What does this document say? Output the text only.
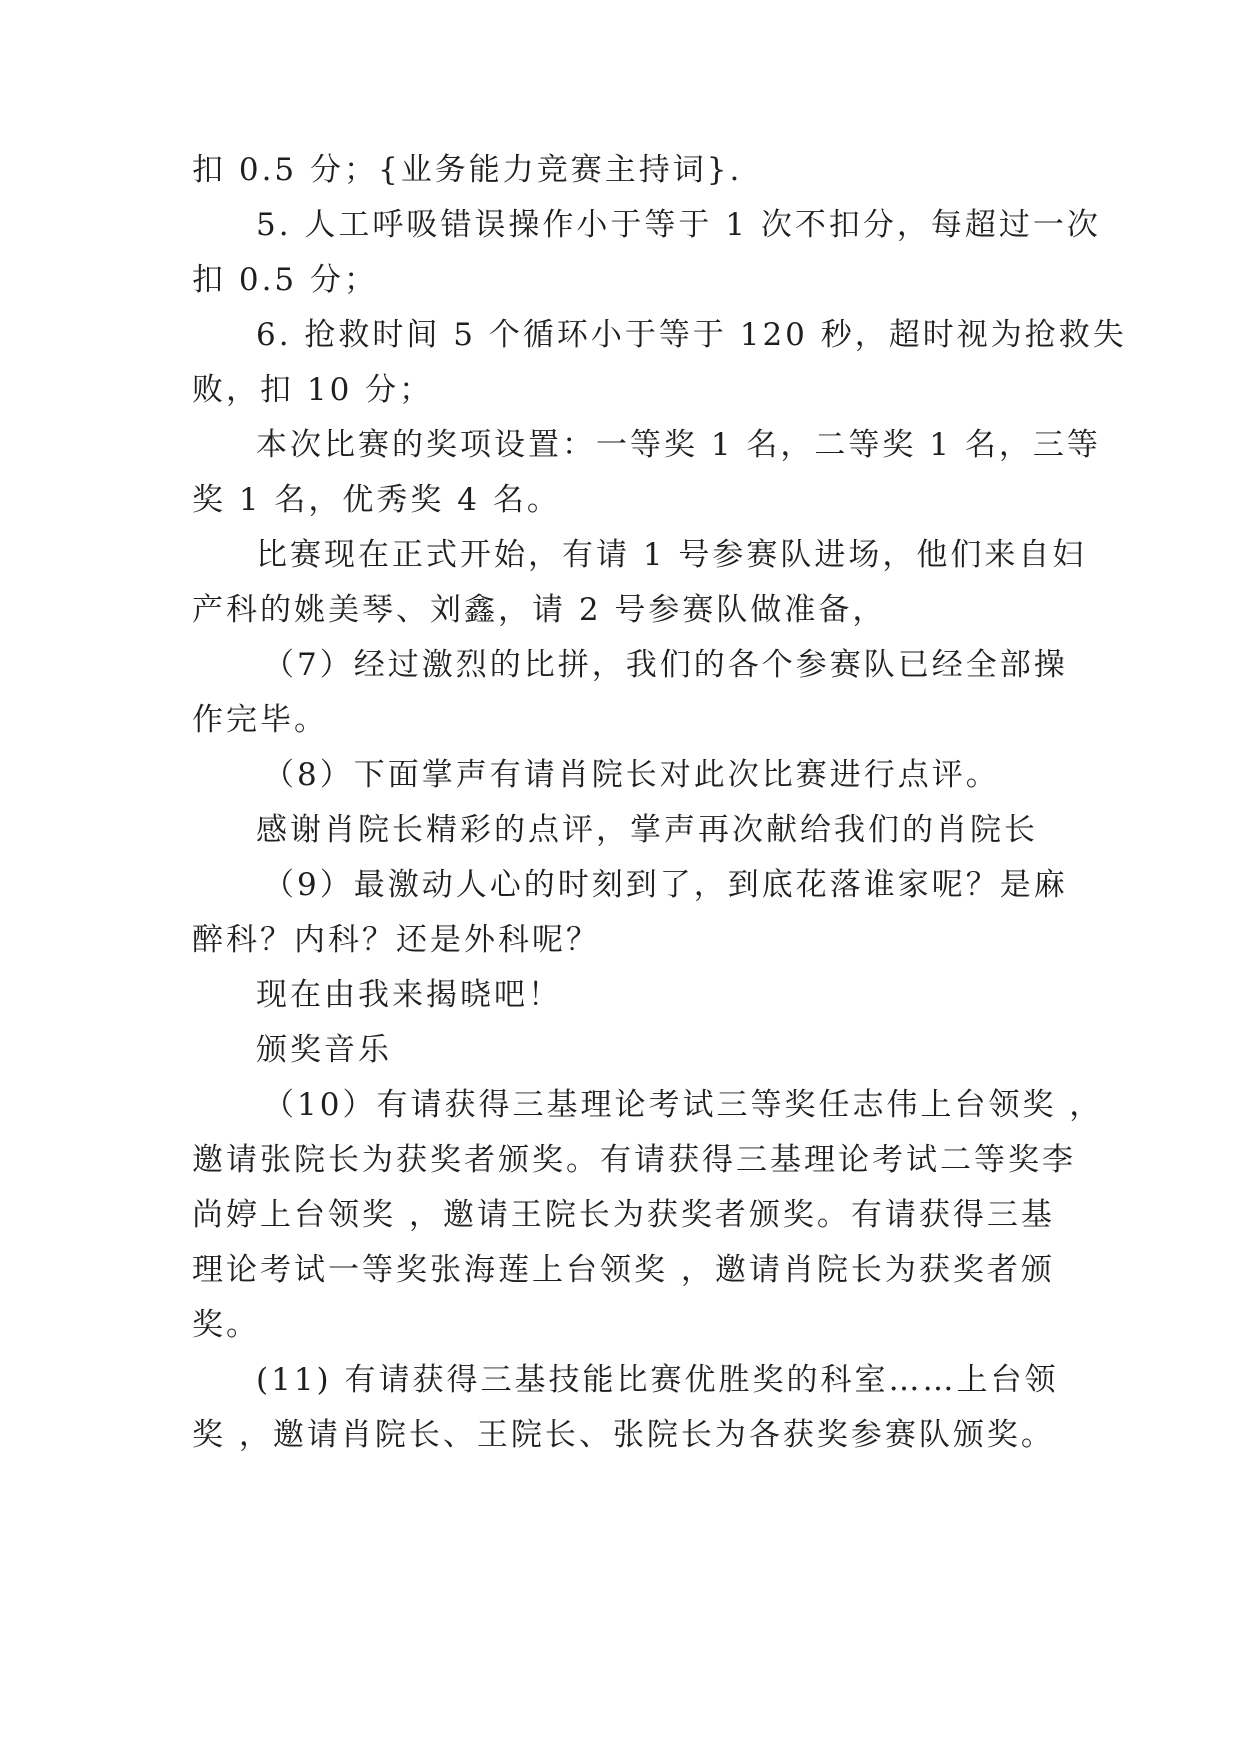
扣 0.5 分；{业务能力竞赛主持词}.
5. 人工呼吸错误操作小于等于 1 次不扣分，每超过一次
扣 0.5 分；
6. 抢救时间 5 个循环小于等于 120 秒，超时视为抢救失
败，扣 10 分；
本次比赛的奖项设置：一等奖 1 名，二等奖 1 名，三等
奖 1 名，优秀奖 4 名。
比赛现在正式开始，有请 1 号参赛队进场，他们来自妇
产科的姚美琴、刘鑫，请 2 号参赛队做准备，
（7）经过激烈的比拼，我们的各个参赛队已经全部操
作完毕。
（8）下面掌声有请肖院长对此次比赛进行点评。
感谢肖院长精彩的点评，掌声再次献给我们的肖院长
（9）最激动人心的时刻到了，到底花落谁家呢？是麻
醉科？内科？还是外科呢？
现在由我来揭晓吧！
颁奖音乐
（10）有请获得三基理论考试三等奖任志伟上台领奖 ，
邀请张院长为获奖者颁奖。有请获得三基理论考试二等奖李
尚婷上台领奖 ，邀请王院长为获奖者颁奖。有请获得三基
理论考试一等奖张海莲上台领奖 ，邀请肖院长为获奖者颁
奖。
(11) 有请获得三基技能比赛优胜奖的科室……上台领
奖 ，邀请肖院长、王院长、张院长为各获奖参赛队颁奖。
